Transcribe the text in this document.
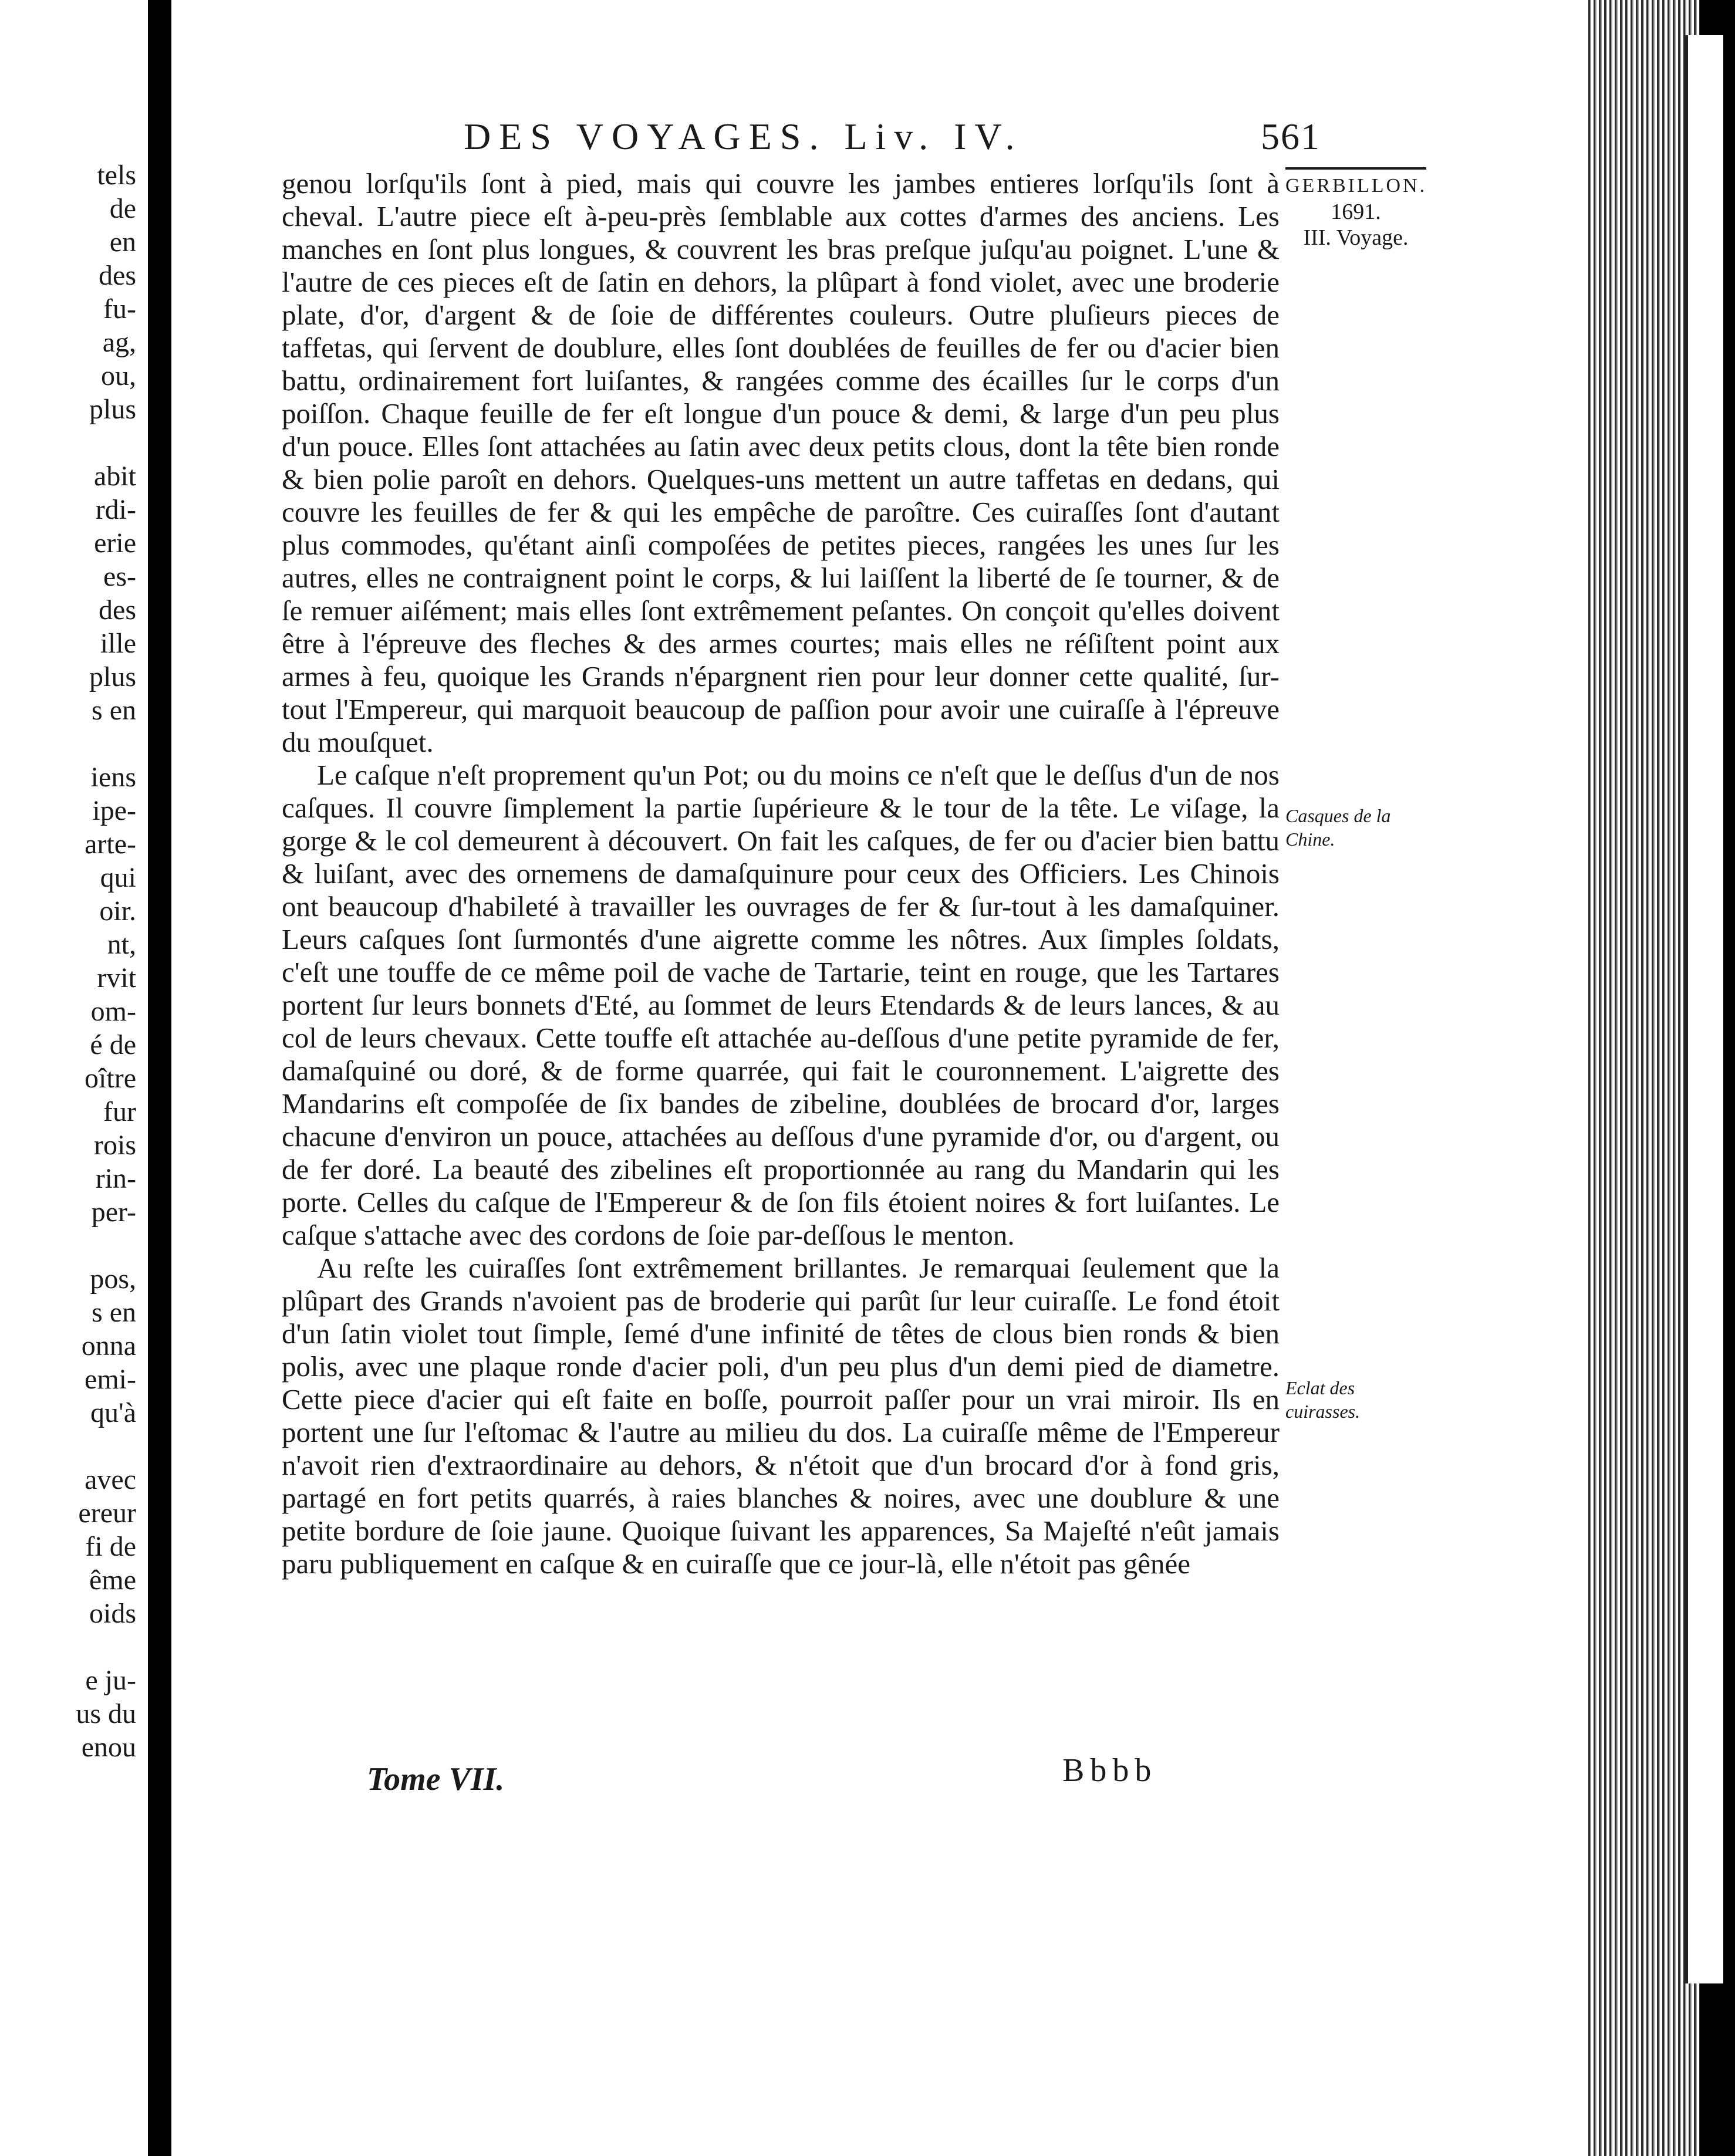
tels
de
en
des
fu-
ag,
ou,
plus
abit
rdi-
erie
es-
des
ille
plus
s en
iens
ipe-
arte-
qui
oir.
nt,
rvit
om-
é de
oître
fur
rois
rin-
per-
pos,
s en
onna
emi-
qu'à
avec
ereur
fi de
ême
oids
e ju-
us du
enou
DES VOYAGES. Liv. IV.	561

genou lorſqu'ils ſont à pied, mais qui couvre les jambes entieres lorſqu'ils ſont à cheval. L'autre piece eſt à-peu-près ſemblable aux cottes d'armes des anciens. Les manches en ſont plus longues, & couvrent les bras preſque juſqu'au poignet. L'une & l'autre de ces pieces eſt de ſatin en dehors, la plûpart à fond violet, avec une broderie plate, d'or, d'argent & de ſoie de différentes couleurs. Outre pluſieurs pieces de taffetas, qui ſervent de doublure, elles ſont doublées de feuilles de fer ou d'acier bien battu, ordinairement fort luiſantes, & rangées comme des écailles ſur le corps d'un poiſſon. Chaque feuille de fer eſt longue d'un pouce & demi, & large d'un peu plus d'un pouce. Elles ſont attachées au ſatin avec deux petits clous, dont la tête bien ronde & bien polie paroît en dehors. Quelques-uns mettent un autre taffetas en dedans, qui couvre les feuilles de fer & qui les empêche de paroître. Ces cuiraſſes ſont d'autant plus commodes, qu'étant ainſi compoſées de petites pieces, rangées les unes ſur les autres, elles ne contraignent point le corps, & lui laiſſent la liberté de ſe tourner, & de ſe remuer aiſément; mais elles ſont extrêmement peſantes. On conçoit qu'elles doivent être à l'épreuve des fleches & des armes courtes; mais elles ne réſiſtent point aux armes à feu, quoique les Grands n'épargnent rien pour leur donner cette qualité, ſur-tout l'Empereur, qui marquoit beaucoup de paſſion pour avoir une cuiraſſe à l'épreuve du mouſquet.

Le caſque n'eſt proprement qu'un Pot; ou du moins ce n'eſt que le deſſus d'un de nos caſques. Il couvre ſimplement la partie ſupérieure & le tour de la tête. Le viſage, la gorge & le col demeurent à découvert. On fait les caſques, de fer ou d'acier bien battu & luiſant, avec des ornemens de damaſquinure pour ceux des Officiers. Les Chinois ont beaucoup d'habileté à travailler les ouvrages de fer & ſur-tout à les damaſquiner. Leurs caſques ſont ſurmontés d'une aigrette comme les nôtres. Aux ſimples ſoldats, c'eſt une touffe de ce même poil de vache de Tartarie, teint en rouge, que les Tartares portent ſur leurs bonnets d'Eté, au ſommet de leurs Etendards & de leurs lances, & au col de leurs chevaux. Cette touffe eſt attachée au-deſſous d'une petite pyramide de fer, damaſquiné ou doré, & de forme quarrée, qui fait le couronnement. L'aigrette des Mandarins eſt compoſée de ſix bandes de zibeline, doublées de brocard d'or, larges chacune d'environ un pouce, attachées au deſſous d'une pyramide d'or, ou d'argent, ou de fer doré. La beauté des zibelines eſt proportionnée au rang du Mandarin qui les porte. Celles du caſque de l'Empereur & de ſon fils étoient noires & fort luiſantes. Le caſque s'attache avec des cordons de ſoie par-deſſous le menton.

Au reſte les cuiraſſes ſont extrêmement brillantes. Je remarquai ſeulement que la plûpart des Grands n'avoient pas de broderie qui parût ſur leur cuiraſſe. Le fond étoit d'un ſatin violet tout ſimple, ſemé d'une infinité de têtes de clous bien ronds & bien polis, avec une plaque ronde d'acier poli, d'un peu plus d'un demi pied de diametre. Cette piece d'acier qui eſt faite en boſſe, pourroit paſſer pour un vrai miroir. Ils en portent une ſur l'eſtomac & l'autre au milieu du dos. La cuiraſſe même de l'Empereur n'avoit rien d'extraordinaire au dehors, & n'étoit que d'un brocard d'or à fond gris, partagé en fort petits quarrés, à raies blanches & noires, avec une doublure & une petite bordure de ſoie jaune. Quoique ſuivant les apparences, Sa Majeſté n'eût jamais paru publiquement en caſque & en cuiraſſe que ce jour-là, elle n'étoit pas gênée

GERBILLON.
1691.
III. Voyage.
Casques de la Chine.
Eclat des cuirasses.
Tome VII.	Bbbb
